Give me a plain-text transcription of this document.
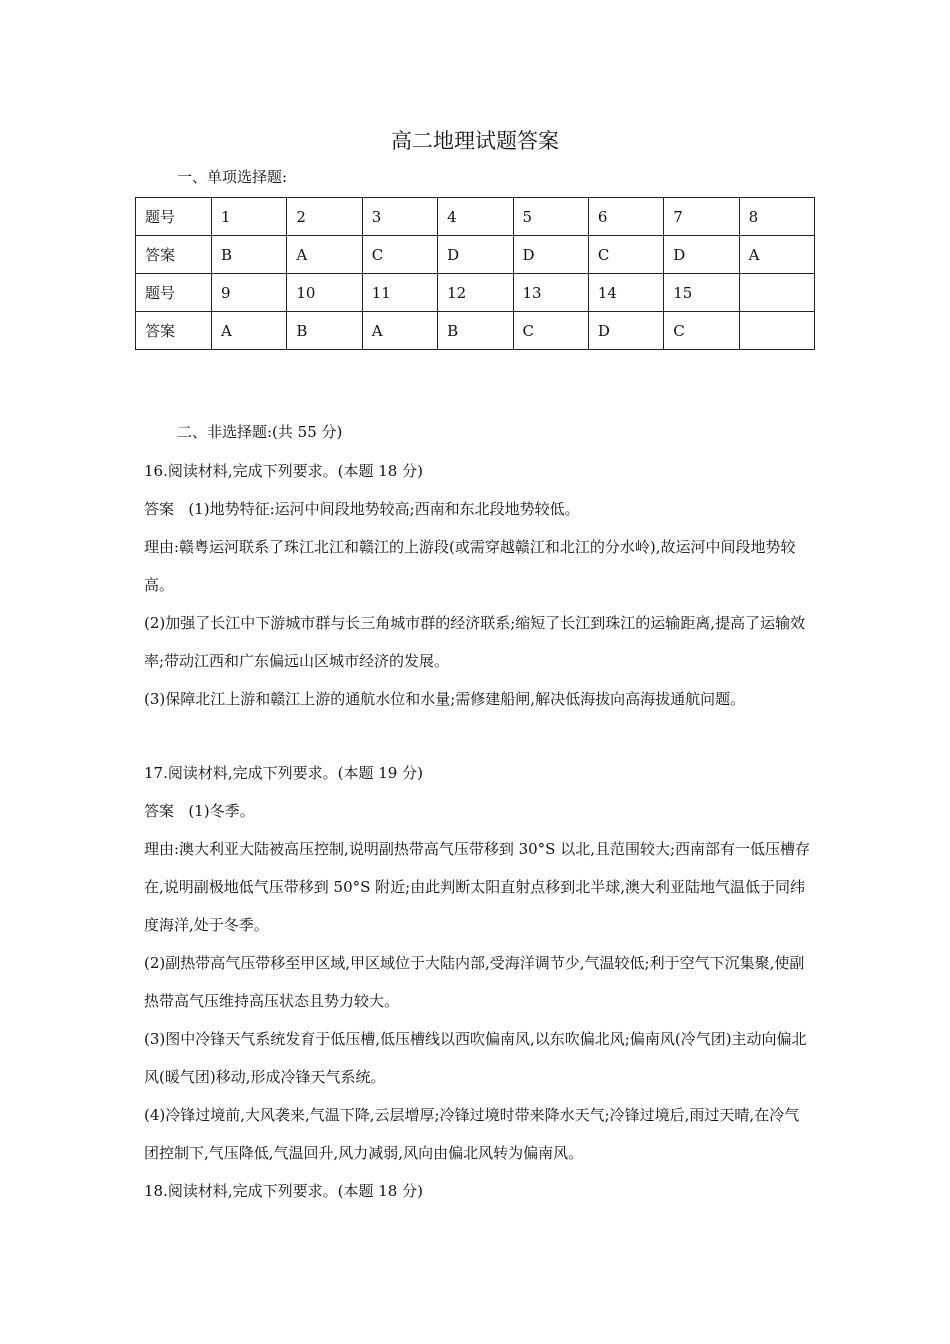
高二地理试题答案

一、单项选择题:

题号	1	2	3	4	5	6	7	8
答案	B	A	C	D	D	C	D	A
题号	9	10	11	12	13	14	15	
答案	A	B	A	B	C	D	C	

二、非选择题:(共 55 分)

16.阅读材料,完成下列要求。(本题 18 分)

答案 (1)地势特征:运河中间段地势较高;西南和东北段地势较低。

理由:赣粤运河联系了珠江北江和赣江的上游段(或需穿越赣江和北江的分水岭),故运河中间段地势较高。

(2)加强了长江中下游城市群与长三角城市群的经济联系;缩短了长江到珠江的运输距离,提高了运输效率;带动江西和广东偏远山区城市经济的发展。

(3)保障北江上游和赣江上游的通航水位和水量;需修建船闸,解决低海拔向高海拔通航问题。

17.阅读材料,完成下列要求。(本题 19 分)

答案 (1)冬季。

理由:澳大利亚大陆被高压控制,说明副热带高气压带移到 30°S 以北,且范围较大;西南部有一低压槽存在,说明副极地低气压带移到 50°S 附近;由此判断太阳直射点移到北半球,澳大利亚陆地气温低于同纬度海洋,处于冬季。

(2)副热带高气压带移至甲区域,甲区域位于大陆内部,受海洋调节少,气温较低;利于空气下沉集聚,使副热带高气压维持高压状态且势力较大。

(3)图中冷锋天气系统发育于低压槽,低压槽线以西吹偏南风,以东吹偏北风;偏南风(冷气团)主动向偏北风(暖气团)移动,形成冷锋天气系统。

(4)冷锋过境前,大风袭来,气温下降,云层增厚;冷锋过境时带来降水天气;冷锋过境后,雨过天晴,在冷气团控制下,气压降低,气温回升,风力减弱,风向由偏北风转为偏南风。

18.阅读材料,完成下列要求。(本题 18 分)
